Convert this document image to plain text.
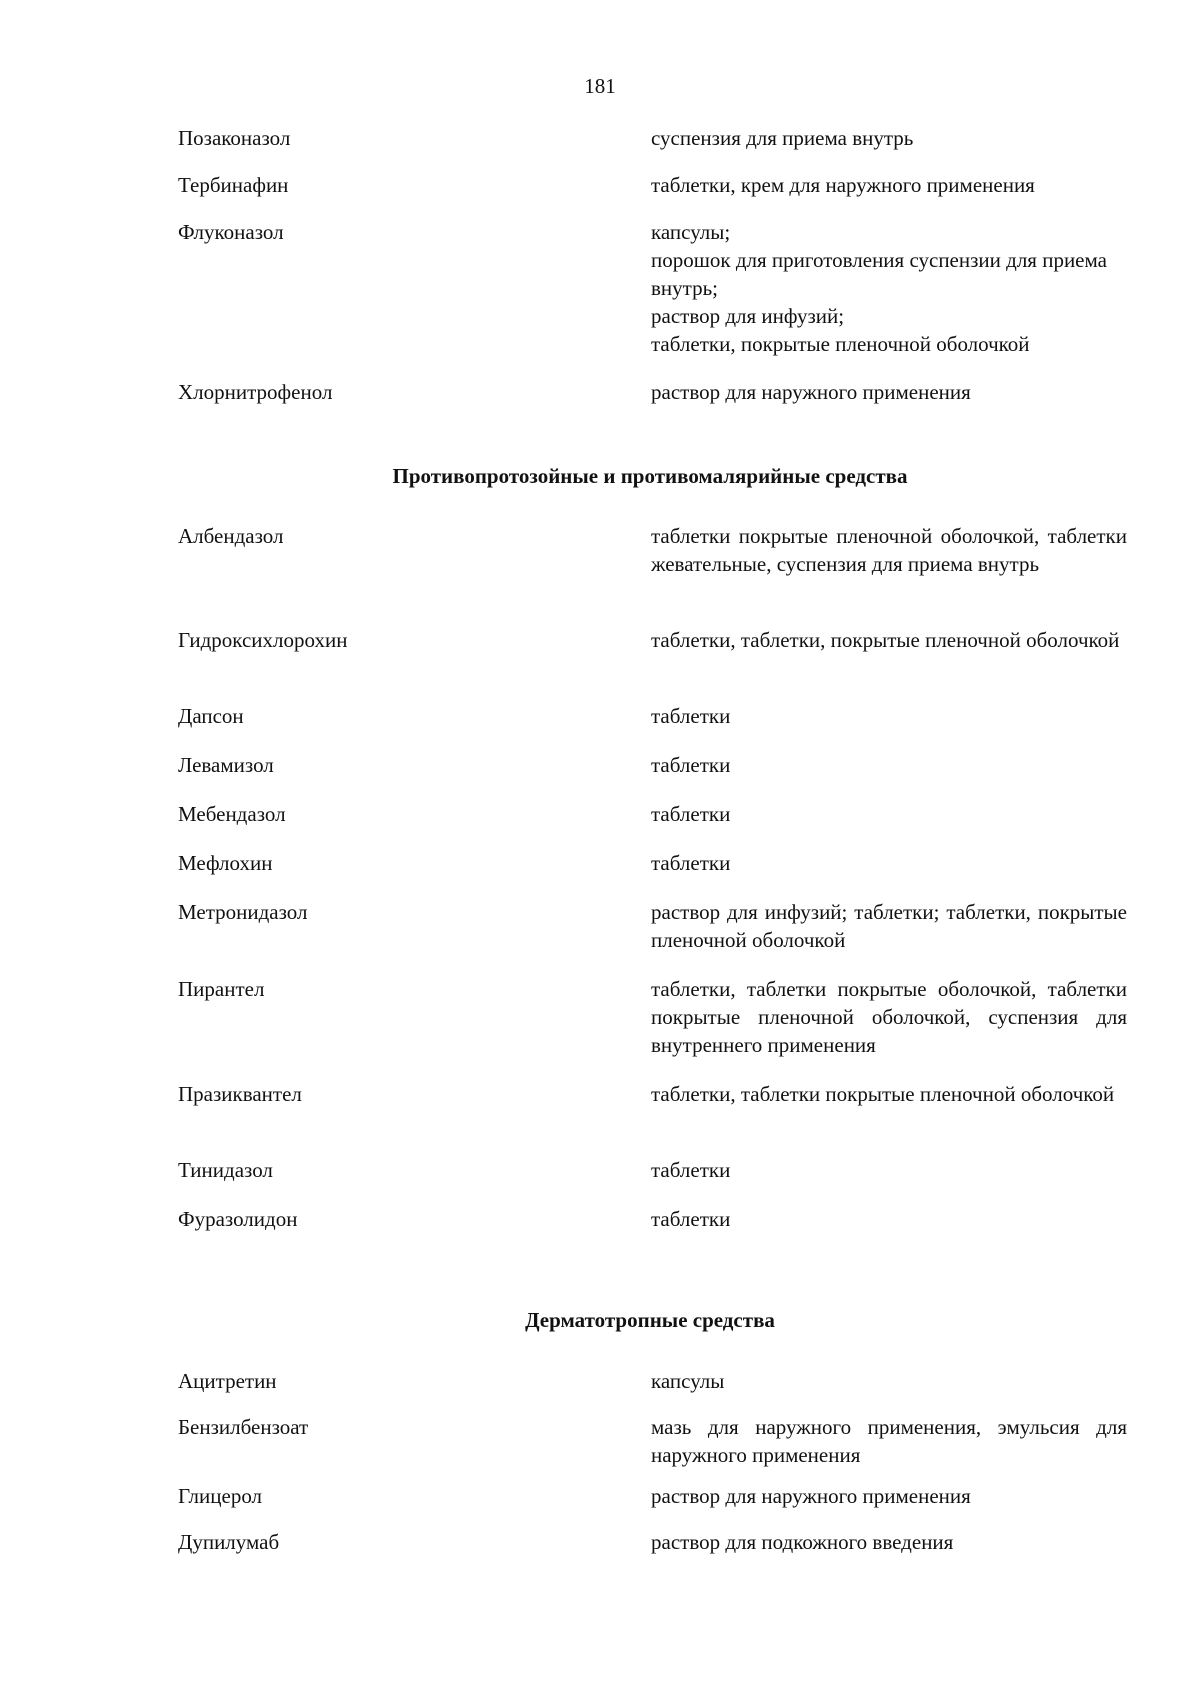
181
Позаконазол	суспензия для приема внутрь
Тербинафин	таблетки, крем для наружного применения
Флуконазол	капсулы;
порошок для приготовления суспензии для приема внутрь;
раствор для инфузий;
таблетки, покрытые пленочной оболочкой
Хлорнитрофенол	раствор для наружного применения
Противопротозойные и противомалярийные средства
Албендазол	таблетки покрытые пленочной оболочкой, таблетки жевательные, суспензия для приема внутрь
Гидроксихлорохин	таблетки, таблетки, покрытые пленочной оболочкой
Дапсон	таблетки
Левамизол	таблетки
Мебендазол	таблетки
Мефлохин	таблетки
Метронидазол	раствор для инфузий; таблетки; таблетки, покрытые пленочной оболочкой
Пирантел	таблетки, таблетки покрытые оболочкой, таблетки покрытые пленочной оболочкой, суспензия для внутреннего применения
Празиквантел	таблетки, таблетки покрытые пленочной оболочкой
Тинидазол	таблетки
Фуразолидон	таблетки
Дерматотропные средства
Ацитретин	капсулы
Бензилбензоат	мазь для наружного применения, эмульсия для наружного применения
Глицерол	раствор для наружного применения
Дупилумаб	раствор для подкожного введения
